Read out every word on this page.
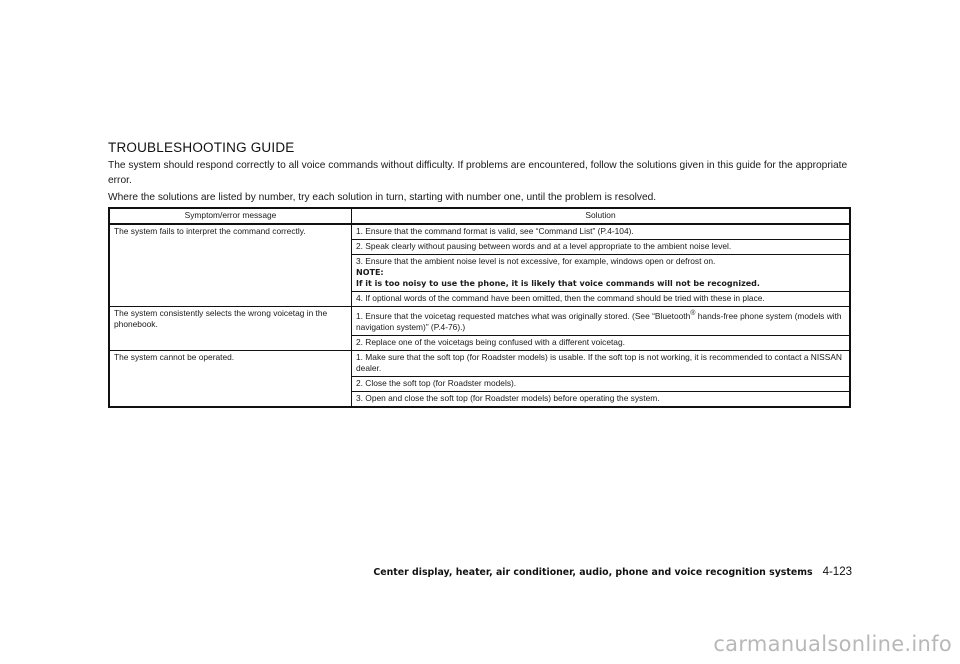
TROUBLESHOOTING GUIDE
The system should respond correctly to all voice commands without difficulty. If problems are encountered, follow the solutions given in this guide for the appropriate error.
Where the solutions are listed by number, try each solution in turn, starting with number one, until the problem is resolved.
Symptom/error message	Solution
The system fails to interpret the command correctly.	1. Ensure that the command format is valid, see “Command List” (P.4-104).
	2. Speak clearly without pausing between words and at a level appropriate to the ambient noise level.

	3. Ensure that the ambient noise level is not excessive, for example, windows open or defrost on.
NOTE:
If it is too noisy to use the phone, it is likely that voice commands will not be recognized.

	4. If optional words of the command have been omitted, then the command should be tried with these in place.
The system consistently selects the wrong voicetag in the phonebook.	1. Ensure that the voicetag requested matches what was originally stored. (See “Bluetooth® hands-free phone system (models with navigation system)” (P.4-76).)
	2. Replace one of the voicetags being confused with a different voicetag.
The system cannot be operated.	1. Make sure that the soft top (for Roadster models) is usable. If the soft top is not working, it is recommended to contact a NISSAN dealer.
	2. Close the soft top (for Roadster models).
	3. Open and close the soft top (for Roadster models) before operating the system.
Center display, heater, air conditioner, audio, phone and voice recognition systems 4-123
carmanualsonline.info
